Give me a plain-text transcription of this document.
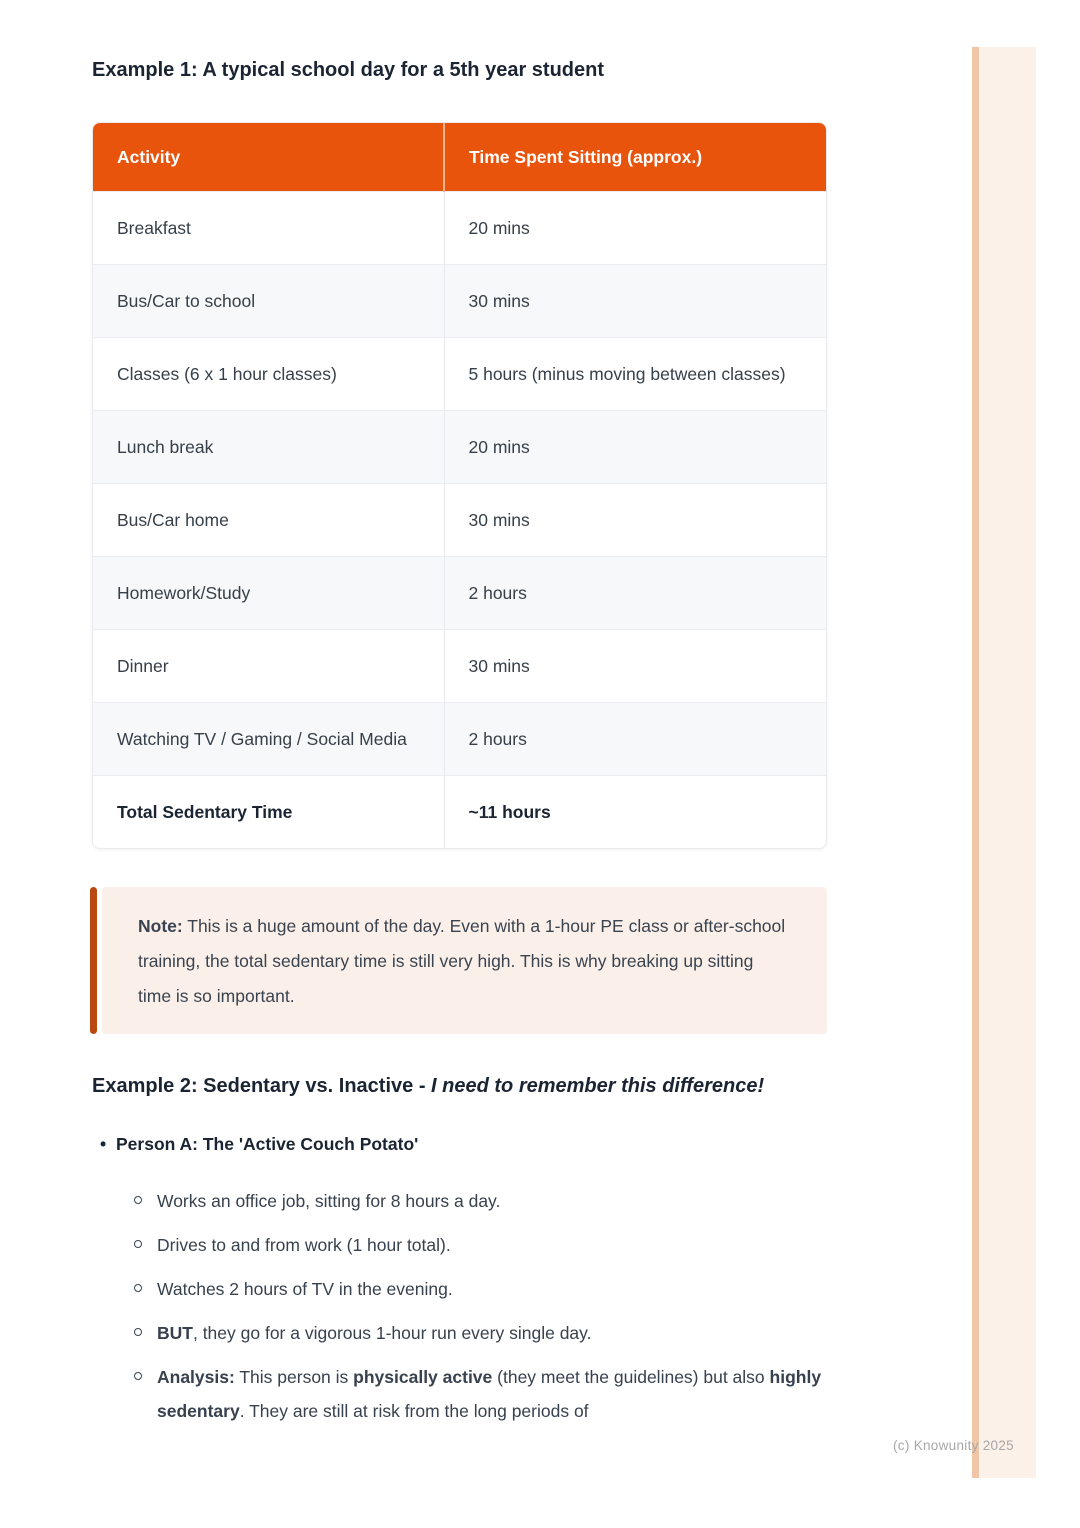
(c) Knowunity 2025
Example 1: A typical school day for a 5th year student
Activity	Time Spent Sitting (approx.)
Breakfast	20 mins
Bus/Car to school	30 mins
Classes (6 x 1 hour classes)	5 hours (minus moving between classes)
Lunch break	20 mins
Bus/Car home	30 mins
Homework/Study	2 hours
Dinner	30 mins
Watching TV / Gaming / Social Media	2 hours
Total Sedentary Time	~11 hours
Note: This is a huge amount of the day. Even with a 1-hour PE class or after-school training, the total sedentary time is still very high. This is why breaking up sitting time is so important.
Example 2: Sedentary vs. Inactive - I need to remember this difference!
• Person A: The 'Active Couch Potato'
Works an office job, sitting for 8 hours a day.
Drives to and from work (1 hour total).
Watches 2 hours of TV in the evening.
BUT, they go for a vigorous 1-hour run every single day.
Analysis: This person is physically active (they meet the guidelines) but also highly sedentary. They are still at risk from the long periods of
